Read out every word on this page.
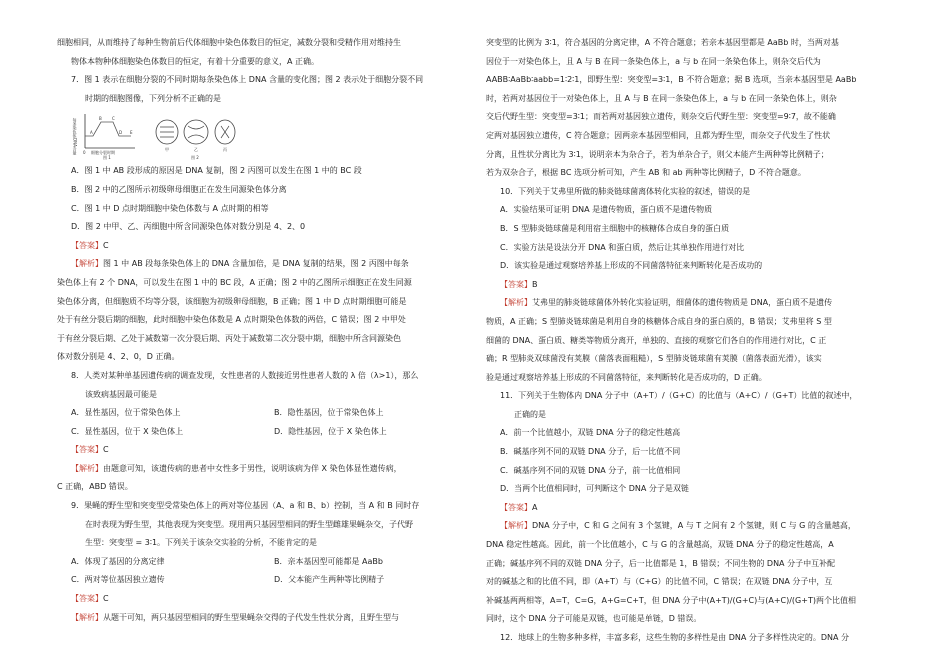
细胞相同，从而维持了每种生物前后代体细胞中染色体数目的恒定，减数分裂和受精作用对维持生

物体本物种体细胞染色体数目的恒定，有着十分重要的意义，A 正确。

7．图 1 表示在细胞分裂的不同时期每条染色体上 DNA 含量的变化图；图 2 表示处于细胞分裂不同

时期的细胞图像，下列分析不正确的是

每条染色体DNA含量 0
A
B	C
D E
细胞分裂时期
图 1
甲	乙	丙
图 2

A．图 1 中 AB 段形成的原因是 DNA 复制，图 2 丙图可以发生在图 1 中的 BC 段

B．图 2 中的乙图所示初级卵母细胞正在发生同源染色体分离

C．图 1 中 D 点时期细胞中染色体数与 A 点时期的相等

D．图 2 中甲、乙、丙细胞中所含同源染色体对数分别是 4、2、0

【答案】C

【解析】图 1 中 AB 段每条染色体上的 DNA 含量加倍，是 DNA 复制的结果，图 2 丙图中每条

染色体上有 2 个 DNA，可以发生在图 1 中的 BC 段，A 正确；图 2 中的乙图所示细胞正在发生同源

染色体分离，但细胞质不均等分裂，该细胞为初级卵母细胞，B 正确；图 1 中 D 点时期细胞可能是

处于有丝分裂后期的细胞，此时细胞中染色体数是 A 点时期染色体数的两倍，C 错误；图 2 中甲处

于有丝分裂后期、乙处于减数第一次分裂后期、丙处于减数第二次分裂中期，细胞中所含同源染色

体对数分别是 4、2、0，D 正确。

8．人类对某种单基因遗传病的调查发现，女性患者的人数接近男性患者人数的 λ 倍（λ>1），那么

该致病基因最可能是

A．显性基因，位于常染色体上	B．隐性基因，位于常染色体上
C．显性基因，位于 X 染色体上	D．隐性基因，位于 X 染色体上

【答案】C

【解析】由题意可知，该遗传病的患者中女性多于男性，说明该病为伴 X 染色体显性遗传病，

C 正确，ABD 错误。

9．果蝇的野生型和突变型受常染色体上的两对等位基因（A、a 和 B、b）控制，当 A 和 B 同时存

在时表现为野生型，其他表现为突变型。现用两只基因型相同的野生型雌雄果蝇杂交，子代野

生型：突变型 = 3∶1。下列关于该杂交实验的分析，不能肯定的是

A．体现了基因的分离定律	B．亲本基因型可能都是 AaBb
C．两对等位基因独立遗传	D．父本能产生两种等比例精子

【答案】C

【解析】从题干可知，两只基因型相同的野生型果蝇杂交得的子代发生性状分离，且野生型与

突变型的比例为 3∶1，符合基因的分离定律，A 不符合题意；若亲本基因型都是 AaBb 时，当两对基

因位于一对染色体上，且 A 与 B 在同一条染色体上，a 与 b 在同一条染色体上，则杂交后代为

AABB∶AaBb∶aabb=1∶2∶1，即野生型：突变型=3∶1，B 不符合题意；据 B 选项，当亲本基因型是 AaBb

时，若两对基因位于一对染色体上，且 A 与 B 在同一条染色体上，a 与 b 在同一条染色体上，则杂

交后代野生型：突变型=3∶1；而若两对基因独立遗传，则杂交后代野生型：突变型=9∶7，故不能确

定两对基因独立遗传，C 符合题意；因两亲本基因型相同，且都为野生型，而杂交子代发生了性状

分离，且性状分离比为 3∶1，说明亲本为杂合子，若为单杂合子，则父本能产生两种等比例精子；

若为双杂合子，根据 BC 选项分析可知，产生 AB 和 ab 两种等比例精子，D 不符合题意。

10．下列关于艾弗里所做的肺炎链球菌离体转化实验的叙述，错误的是

A．实验结果可证明 DNA 是遗传物质，蛋白质不是遗传物质

B．S 型肺炎链球菌是利用宿主细胞中的核糖体合成自身的蛋白质

C．实验方法是设法分开 DNA 和蛋白质，然后让其单独作用进行对比

D．该实验是通过观察培养基上形成的不同菌落特征来判断转化是否成功的

【答案】B

【解析】艾弗里的肺炎链球菌体外转化实验证明，细菌体的遗传物质是 DNA，蛋白质不是遗传

物质，A 正确；S 型肺炎链球菌是利用自身的核糖体合成自身的蛋白质的，B 错误；艾弗里将 S 型

细菌的 DNA、蛋白质、糖类等物质分离开，单独的、直接的观察它们各自的作用进行对比，C 正

确；R 型肺炎双球菌没有荚膜（菌落表面粗糙），S 型肺炎链球菌有荚膜（菌落表面光滑），该实

验是通过观察培养基上形成的不同菌落特征，来判断转化是否成功的，D 正确。

11．下列关于生物体内 DNA 分子中（A+T）/（G+C）的比值与（A+C）/（G+T）比值的叙述中，

正确的是

A．前一个比值越小，双链 DNA 分子的稳定性越高

B．碱基序列不同的双链 DNA 分子，后一比值不同

C．碱基序列不同的双链 DNA 分子，前一比值相同

D．当两个比值相同时，可判断这个 DNA 分子是双链

【答案】A

【解析】DNA 分子中，C 和 G 之间有 3 个氢键，A 与 T 之间有 2 个氢键，则 C 与 G 的含量越高，

DNA 稳定性越高。因此，前一个比值越小，C 与 G 的含量越高，双链 DNA 分子的稳定性越高，A

正确；碱基序列不同的双链 DNA 分子，后一比值都是 1，B 错误；不同生物的 DNA 分子中互补配

对的碱基之和的比值不同，即（A+T）与（C+G）的比值不同，C 错误；在双链 DNA 分子中，互

补碱基两两相等，A=T，C=G，A+G=C+T，但 DNA 分子中(A+T)/(G+C)与(A+C)/(G+T)两个比值相

同时，这个 DNA 分子可能是双链，也可能是单链，D 错误。

12．地球上的生物多种多样，丰富多彩，这些生物的多样性是由 DNA 分子多样性决定的。DNA 分
